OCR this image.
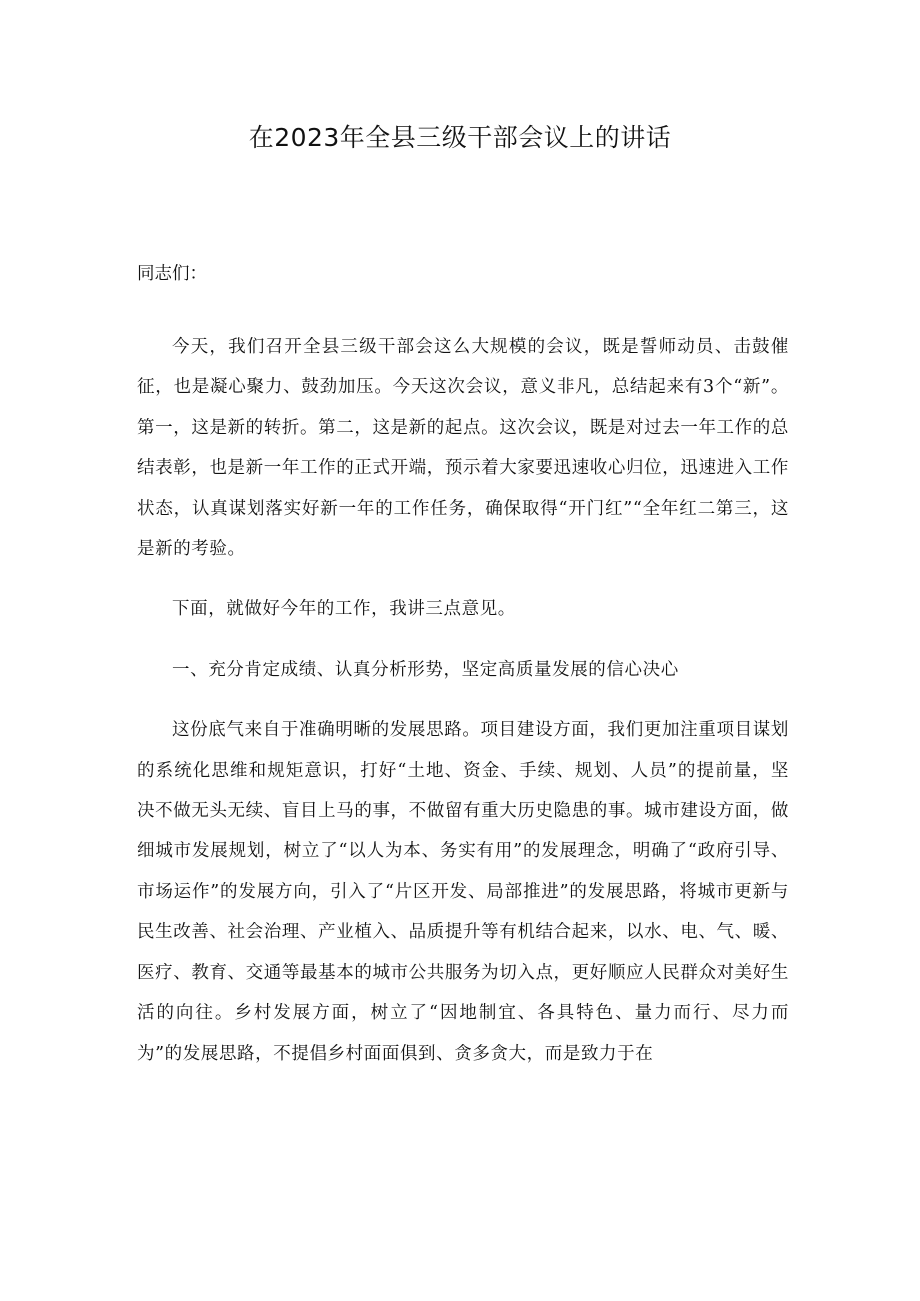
在2023年全县三级干部会议上的讲话

同志们：

今天，我们召开全县三级干部会这么大规模的会议，既是誓师动员、击鼓催征，也是凝心聚力、鼓劲加压。今天这次会议，意义非凡，总结起来有3个“新”。第一，这是新的转折。第二，这是新的起点。这次会议，既是对过去一年工作的总结表彰，也是新一年工作的正式开端，预示着大家要迅速收心归位，迅速进入工作状态，认真谋划落实好新一年的工作任务，确保取得“开门红”“全年红二第三，这是新的考验。

下面，就做好今年的工作，我讲三点意见。

一、充分肯定成绩、认真分析形势，坚定高质量发展的信心决心

这份底气来自于准确明晰的发展思路。项目建设方面，我们更加注重项目谋划的系统化思维和规矩意识，打好“土地、资金、手续、规划、人员”的提前量，坚决不做无头无续、盲目上马的事，不做留有重大历史隐患的事。城市建设方面，做细城市发展规划，树立了“以人为本、务实有用”的发展理念，明确了“政府引导、市场运作”的发展方向，引入了“片区开发、局部推进”的发展思路，将城市更新与民生改善、社会治理、产业植入、品质提升等有机结合起来，以水、电、气、暖、医疗、教育、交通等最基本的城市公共服务为切入点，更好顺应人民群众对美好生活的向往。乡村发展方面，树立了“因地制宜、各具特色、量力而行、尽力而为”的发展思路，不提倡乡村面面俱到、贪多贪大，而是致力于在
